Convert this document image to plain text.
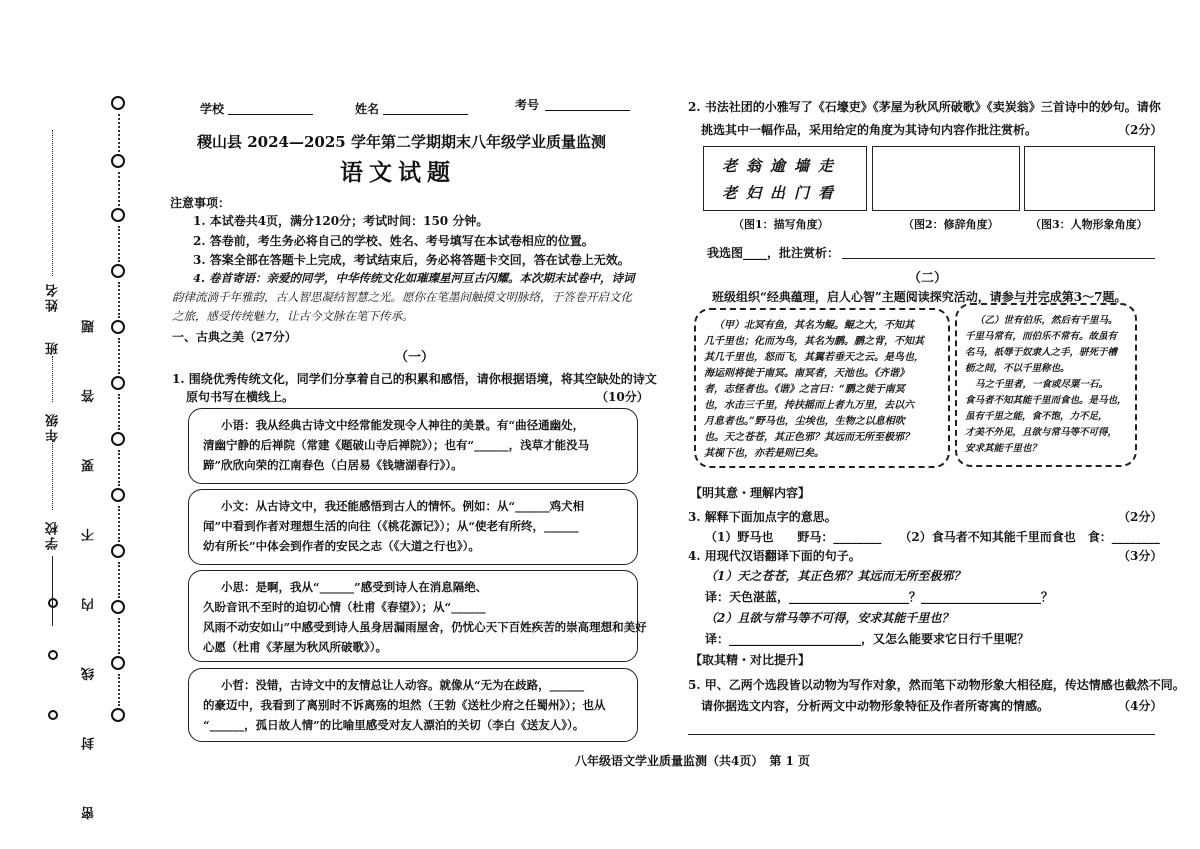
学校
班
年级
姓名 密 封 线 内 不 要 答 题
学校	姓名	考号
稷山县 2024—2025 学年第二学期期末八年级学业质量监测
语文试题
注意事项：
1. 本试卷共4页，满分120分；考试时间：150 分钟。
2. 答卷前，考生务必将自己的学校、姓名、考号填写在本试卷相应的位置。
3. 答案全部在答题卡上完成，考试结束后，务必将答题卡交回，答在试卷上无效。
4. 卷首寄语：亲爱的同学，中华传统文化如璀璨星河亘古闪耀。本次期末试卷中，诗词
韵律流淌千年雅韵，古人智思凝结智慧之光。愿你在笔墨间触摸文明脉络，于答卷开启文化
之旅，感受传统魅力，让古今文脉在笔下传承。
一、古典之美（27分）
（一）
1. 围绕优秀传统文化，同学们分享着自己的积累和感悟，请你根据语境，将其空缺处的诗文
原句书写在横线上。	（10分）
小语：我从经典古诗文中经常能发现令人神往的美景。有“曲径通幽处，
清幽宁静的后禅院（常建《题破山寺后禅院》）；也有“______，浅草才能没马
蹄”欣欣向荣的江南春色（白居易《钱塘湖春行》）。
小文：从古诗文中，我还能感悟到古人的情怀。例如：从“______鸡犬相
闻”中看到作者对理想生活的向往（《桃花源记》）；从“使老有所终，______
幼有所长”中体会到作者的安民之志（《大道之行也》）。
小思：是啊，我从“______”感受到诗人在消息隔绝、
久盼音讯不至时的迫切心情（杜甫《春望》）；从“______
风雨不动安如山”中感受到诗人虽身居漏雨屋舍，仍忧心天下百姓疾苦的崇高理想和美好
心愿（杜甫《茅屋为秋风所破歌》）。
小哲：没错，古诗文中的友情总让人动容。就像从“无为在歧路，______
的豪迈中，我看到了离别时不诉离殇的坦然（王勃《送杜少府之任蜀州》）；也从
“______，孤日故人情”的比喻里感受对友人漂泊的关切（李白《送友人》）。
2. 书法社团的小雅写了《石壕吏》《茅屋为秋风所破歌》《卖炭翁》三首诗中的妙句。请你
挑选其中一幅作品，采用给定的角度为其诗句内容作批注赏析。	（2分）
老翁逾墙走
老妇出门看
（图1：描写角度）	（图2：修辞角度）	（图3：人物形象角度）
我选图____，批注赏析：
（二）
班级组织“经典蕴理，启人心智”主题阅读探究活动，请参与并完成第3～7题。
（甲）北冥有鱼，其名为鲲。鲲之大，不知其
几千里也；化而为鸟，其名为鹏。鹏之背，不知其
其几千里也，怒而飞，其翼若垂天之云。是鸟也，
海运则将徙于南冥。南冥者，天池也。《齐谐》
者，志怪者也。《谐》之言曰：“鹏之徙于南冥
也，水击三千里，抟扶摇而上者九万里，去以六
月息者也。”野马也，尘埃也，生物之以息相吹
也。天之苍苍，其正色邪？其远而无所至极邪？
其视下也，亦若是则已矣。
（乙）世有伯乐，然后有千里马。
千里马常有，而伯乐不常有。故虽有
名马，祇辱于奴隶人之手，骈死于槽
枥之间，不以千里称也。
马之千里者，一食或尽粟一石。
食马者不知其能千里而食也。是马也，
虽有千里之能，食不饱，力不足，
才美不外见，且欲与常马等不可得，
安求其能千里也？
【明其意・理解内容】
3. 解释下面加点字的意思。	（2分）
（1）野马也　　野马：________　　（2）食马者不知其能千里而食也　食：________
4. 用现代汉语翻译下面的句子。	（3分）
（1）天之苍苍，其正色邪？其远而无所至极邪？
译：天色湛蓝，____________________？____________________？
（2）且欲与常马等不可得，安求其能千里也？
译：______________________，又怎么能要求它日行千里呢？
【取其精・对比提升】
5. 甲、乙两个选段皆以动物为写作对象，然而笔下动物形象大相径庭，传达情感也截然不同。
请你据选文内容，分析两文中动物形象特征及作者所寄寓的情感。	（4分）
八年级语文学业质量监测（共4页）　第 1 页
